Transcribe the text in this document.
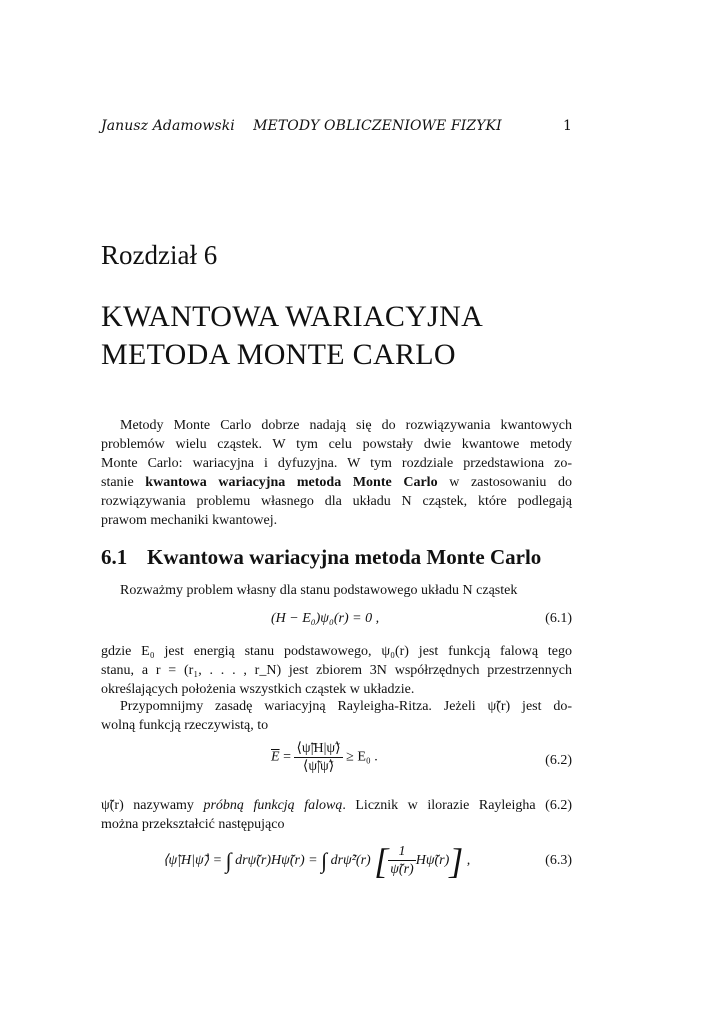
Janusz Adamowski METODY OBLICZENIOWE FIZYKI	1
Rozdział 6
KWANTOWA WARIACYJNA
METODA MONTE CARLO
Metody Monte Carlo dobrze nadają się do rozwiązywania kwantowych
problemów wielu cząstek. W tym celu powstały dwie kwantowe metody
Monte Carlo: wariacyjna i dyfuzyjna. W tym rozdziale przedstawiona zo-
stanie kwantowa wariacyjna metoda Monte Carlo w zastosowaniu do
rozwiązywania problemu własnego dla układu N cząstek, które podlegają
prawom mechaniki kwantowej.
6.1 Kwantowa wariacyjna metoda Monte Carlo
Rozważmy problem własny dla stanu podstawowego układu N cząstek
(H − E₀)ψ₀(r) = 0 ,	(6.1)
gdzie E₀ jest energią stanu podstawowego, ψ₀(r) jest funkcją falową tego
stanu, a r = (r₁, . . . , r_N) jest zbiorem 3N współrzędnych przestrzennych
określających położenia wszystkich cząstek w układzie.
Przypomnijmy zasadę wariacyjną Rayleigha-Ritza. Jeżeli ψ̃(r) jest do-
wolną funkcją rzeczywistą, to
$\overline{E} = \frac{⟨\psĩ|H|\psĩ⟩}{⟨\psĩ|\psĩ⟩} \ge E_0$ .	(6.2)
ψ̃(r) nazywamy próbną funkcją falową. Licznik w ilorazie Rayleigha (6.2)
można przekształcić następująco
⟨ψ̃|H|ψ̃⟩ = ∫ drψ̃(r)Hψ̃(r) = ∫ drψ̃²(r) [ $\frac{1}{\psĩ(r)}$ Hψ̃(r)] ,	(6.3)
